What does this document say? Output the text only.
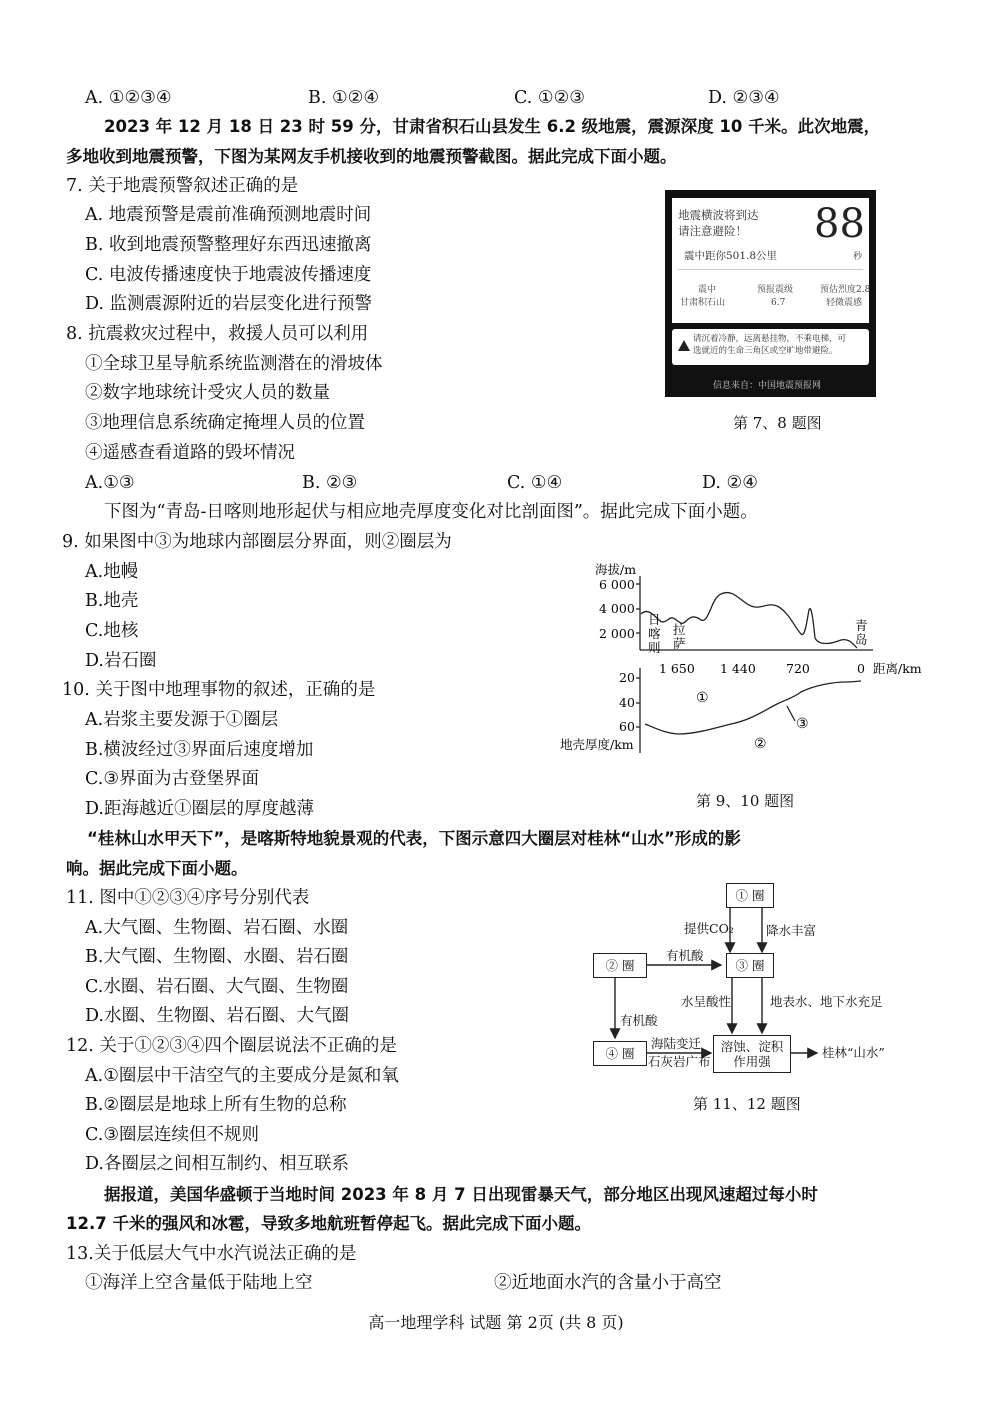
A. ①②③④	B. ①②④	C. ①②③	D. ②③④
2023 年 12 月 18 日 23 时 59 分，甘肃省积石山县发生 6.2 级地震，震源深度 10 千米。此次地震，
多地收到地震预警，下图为某网友手机接收到的地震预警截图。据此完成下面小题。
7. 关于地震预警叙述正确的是
A. 地震预警是震前准确预测地震时间
B. 收到地震预警整理好东西迅速撤离
C. 电波传播速度快于地震波传播速度
D. 监测震源附近的岩层变化进行预警
8. 抗震救灾过程中，救援人员可以利用
①全球卫星导航系统监测潜在的滑坡体
②数字地球统计受灾人员的数量
③地理信息系统确定掩埋人员的位置
④遥感查看道路的毁坏情况
A.①③	B. ②③	C. ①④	D. ②④
地震横波将到达
请注意避险！ 88
秒
震中距你501.8公里
震中
甘肃积石山
预报震级
6.7
预估烈度2.8
轻微震感
请沉着冷静，远离悬挂物，不乘电梯，可
选就近的生命三角区或空旷地带避险。
信息来自：中国地震预报网
第 7、8 题图
下图为“青岛-日喀则地形起伏与相应地壳厚度变化对比剖面图”。据此完成下面小题。
9. 如果图中③为地球内部圈层分界面，则②圈层为
A.地幔
B.地壳
C.地核
D.岩石圈
10. 关于图中地理事物的叙述，正确的是
A.岩浆主要发源于①圈层
B.横波经过③界面后速度增加
C.③界面为古登堡界面
D.距海越近①圈层的厚度越薄
海拔/m
6 000
4 000
2 000
日
喀
则
拉
萨
青
岛
1 650 1 440 720	0 距离/km
20
40
60
地壳厚度/km
①
②
③
第 9、10 题图
“桂林山水甲天下”，是喀斯特地貌景观的代表，下图示意四大圈层对桂林“山水”形成的影
响。据此完成下面小题。
11. 图中①②③④序号分别代表
A.大气圈、生物圈、岩石圈、水圈
B.大气圈、生物圈、水圈、岩石圈
C.水圈、岩石圈、大气圈、生物圈
D.水圈、生物圈、岩石圈、大气圈
12. 关于①②③④四个圈层说法不正确的是
A.①圈层中干洁空气的主要成分是氮和氧
B.②圈层是地球上所有生物的总称
C.③圈层连续但不规则
D.各圈层之间相互制约、相互联系
① 圈
② 圈	③ 圈
④ 圈	溶蚀、淀积
作用强
提供CO₂	降水丰富
有机酸
有机酸
水呈酸性	地表水、地下水充足
海陆变迁
石灰岩广布
桂林“山水”
第 11、12 题图
据报道，美国华盛顿于当地时间 2023 年 8 月 7 日出现雷暴天气，部分地区出现风速超过每小时
12.7 千米的强风和冰雹，导致多地航班暂停起飞。据此完成下面小题。
13.关于低层大气中水汽说法正确的是
①海洋上空含量低于陆地上空	②近地面水汽的含量小于高空
高一地理学科 试题 第 2页 (共 8 页)
